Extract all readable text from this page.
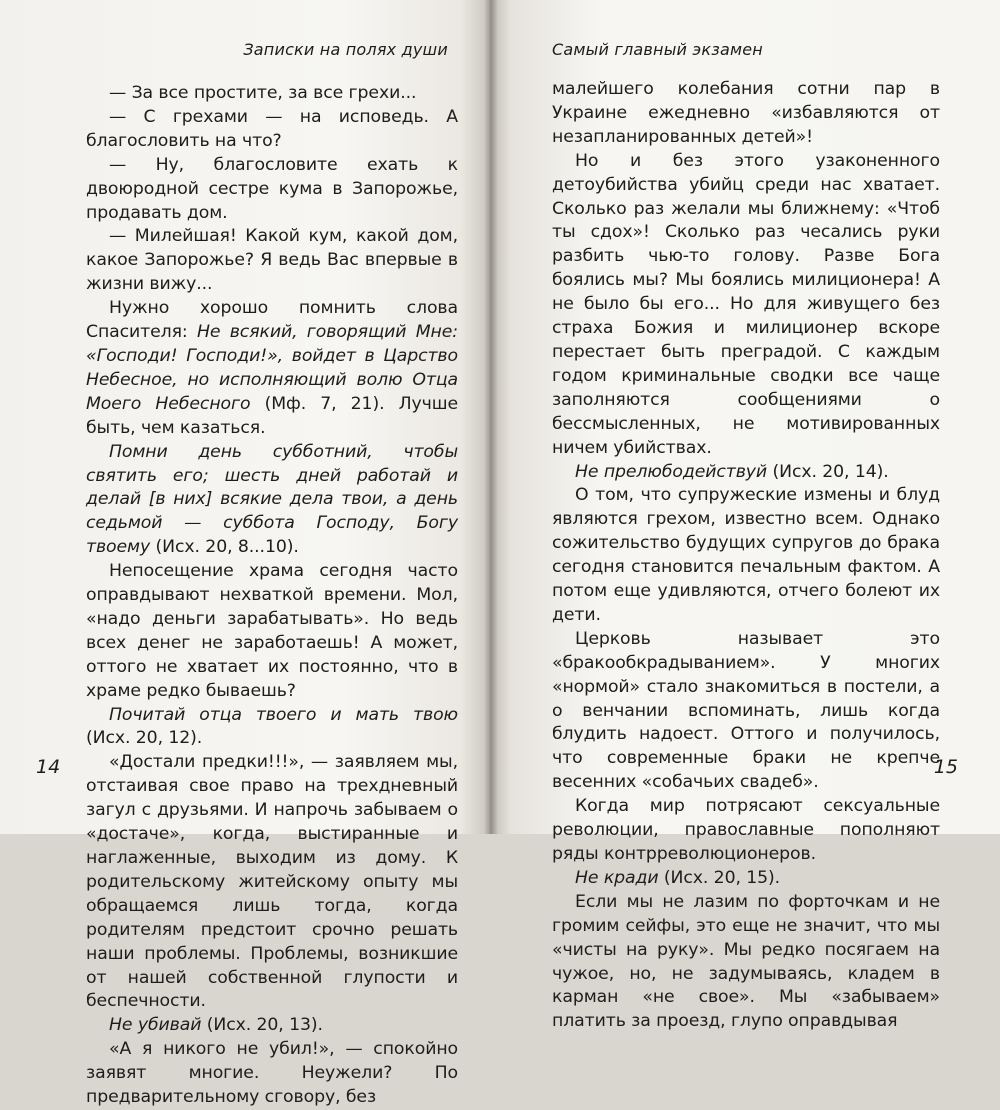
Записки на полях души

— За все простите, за все грехи...

— С грехами — на исповедь. А благословить на что?

— Ну, благословите ехать к двоюродной сестре кума в Запорожье, продавать дом.

— Милейшая! Какой кум, какой дом, какое Запорожье? Я ведь Вас впервые в жизни вижу...

Нужно хорошо помнить слова Спасителя: Не всякий, говорящий Мне: «Господи! Господи!», войдет в Царство Небесное, но исполняющий волю Отца Моего Небесного (Мф. 7, 21). Лучше быть, чем казаться.

Помни день субботний, чтобы святить его; шесть дней работай и делай [в них] всякие дела твои, а день седьмой — суббота Господу, Богу твоему (Исх. 20, 8...10).

Непосещение храма сегодня часто оправдывают нехваткой времени. Мол, «надо деньги зарабатывать». Но ведь всех денег не заработаешь! А может, оттого не хватает их постоянно, что в храме редко бываешь?

Почитай отца твоего и мать твою (Исх. 20, 12).

«Достали предки!!!», — заявляем мы, отстаивая свое право на трехдневный загул с друзьями. И напрочь забываем о «достаче», когда, выстиранные и наглаженные, выходим из дому. К родительскому житейскому опыту мы обращаемся лишь тогда, когда родителям предстоит срочно решать наши проблемы. Проблемы, возникшие от нашей собственной глупости и беспечности.

Не убивай (Исх. 20, 13).

«А я никого не убил!», — спокойно заявят многие. Неужели? По предварительному сговору, без

14
Самый главный экзамен

малейшего колебания сотни пар в Украине ежедневно «избавляются от незапланированных детей»!

Но и без этого узаконенного детоубийства убийц среди нас хватает. Сколько раз желали мы ближнему: «Чтоб ты сдох»! Сколько раз чесались руки разбить чью-то голову. Разве Бога боялись мы? Мы боялись милиционера! А не было бы его... Но для живущего без страха Божия и милиционер вскоре перестает быть преградой. С каждым годом криминальные сводки все чаще заполняются сообщениями о бессмысленных, не мотивированных ничем убийствах.

Не прелюбодействуй (Исх. 20, 14).

О том, что супружеские измены и блуд являются грехом, известно всем. Однако сожительство будущих супругов до брака сегодня становится печальным фактом. А потом еще удивляются, отчего болеют их дети.

Церковь называет это «бракообкрадыванием». У многих «нормой» стало знакомиться в постели, а о венчании вспоминать, лишь когда блудить надоест. Оттого и получилось, что современные браки не крепче весенних «собачьих свадеб».

Когда мир потрясают сексуальные революции, православные пополняют ряды контрреволюционеров.

Не кради (Исх. 20, 15).

Если мы не лазим по форточкам и не громим сейфы, это еще не значит, что мы «чисты на руку». Мы редко посягаем на чужое, но, не задумываясь, кладем в карман «не свое». Мы «забываем» платить за проезд, глупо оправдывая

15
